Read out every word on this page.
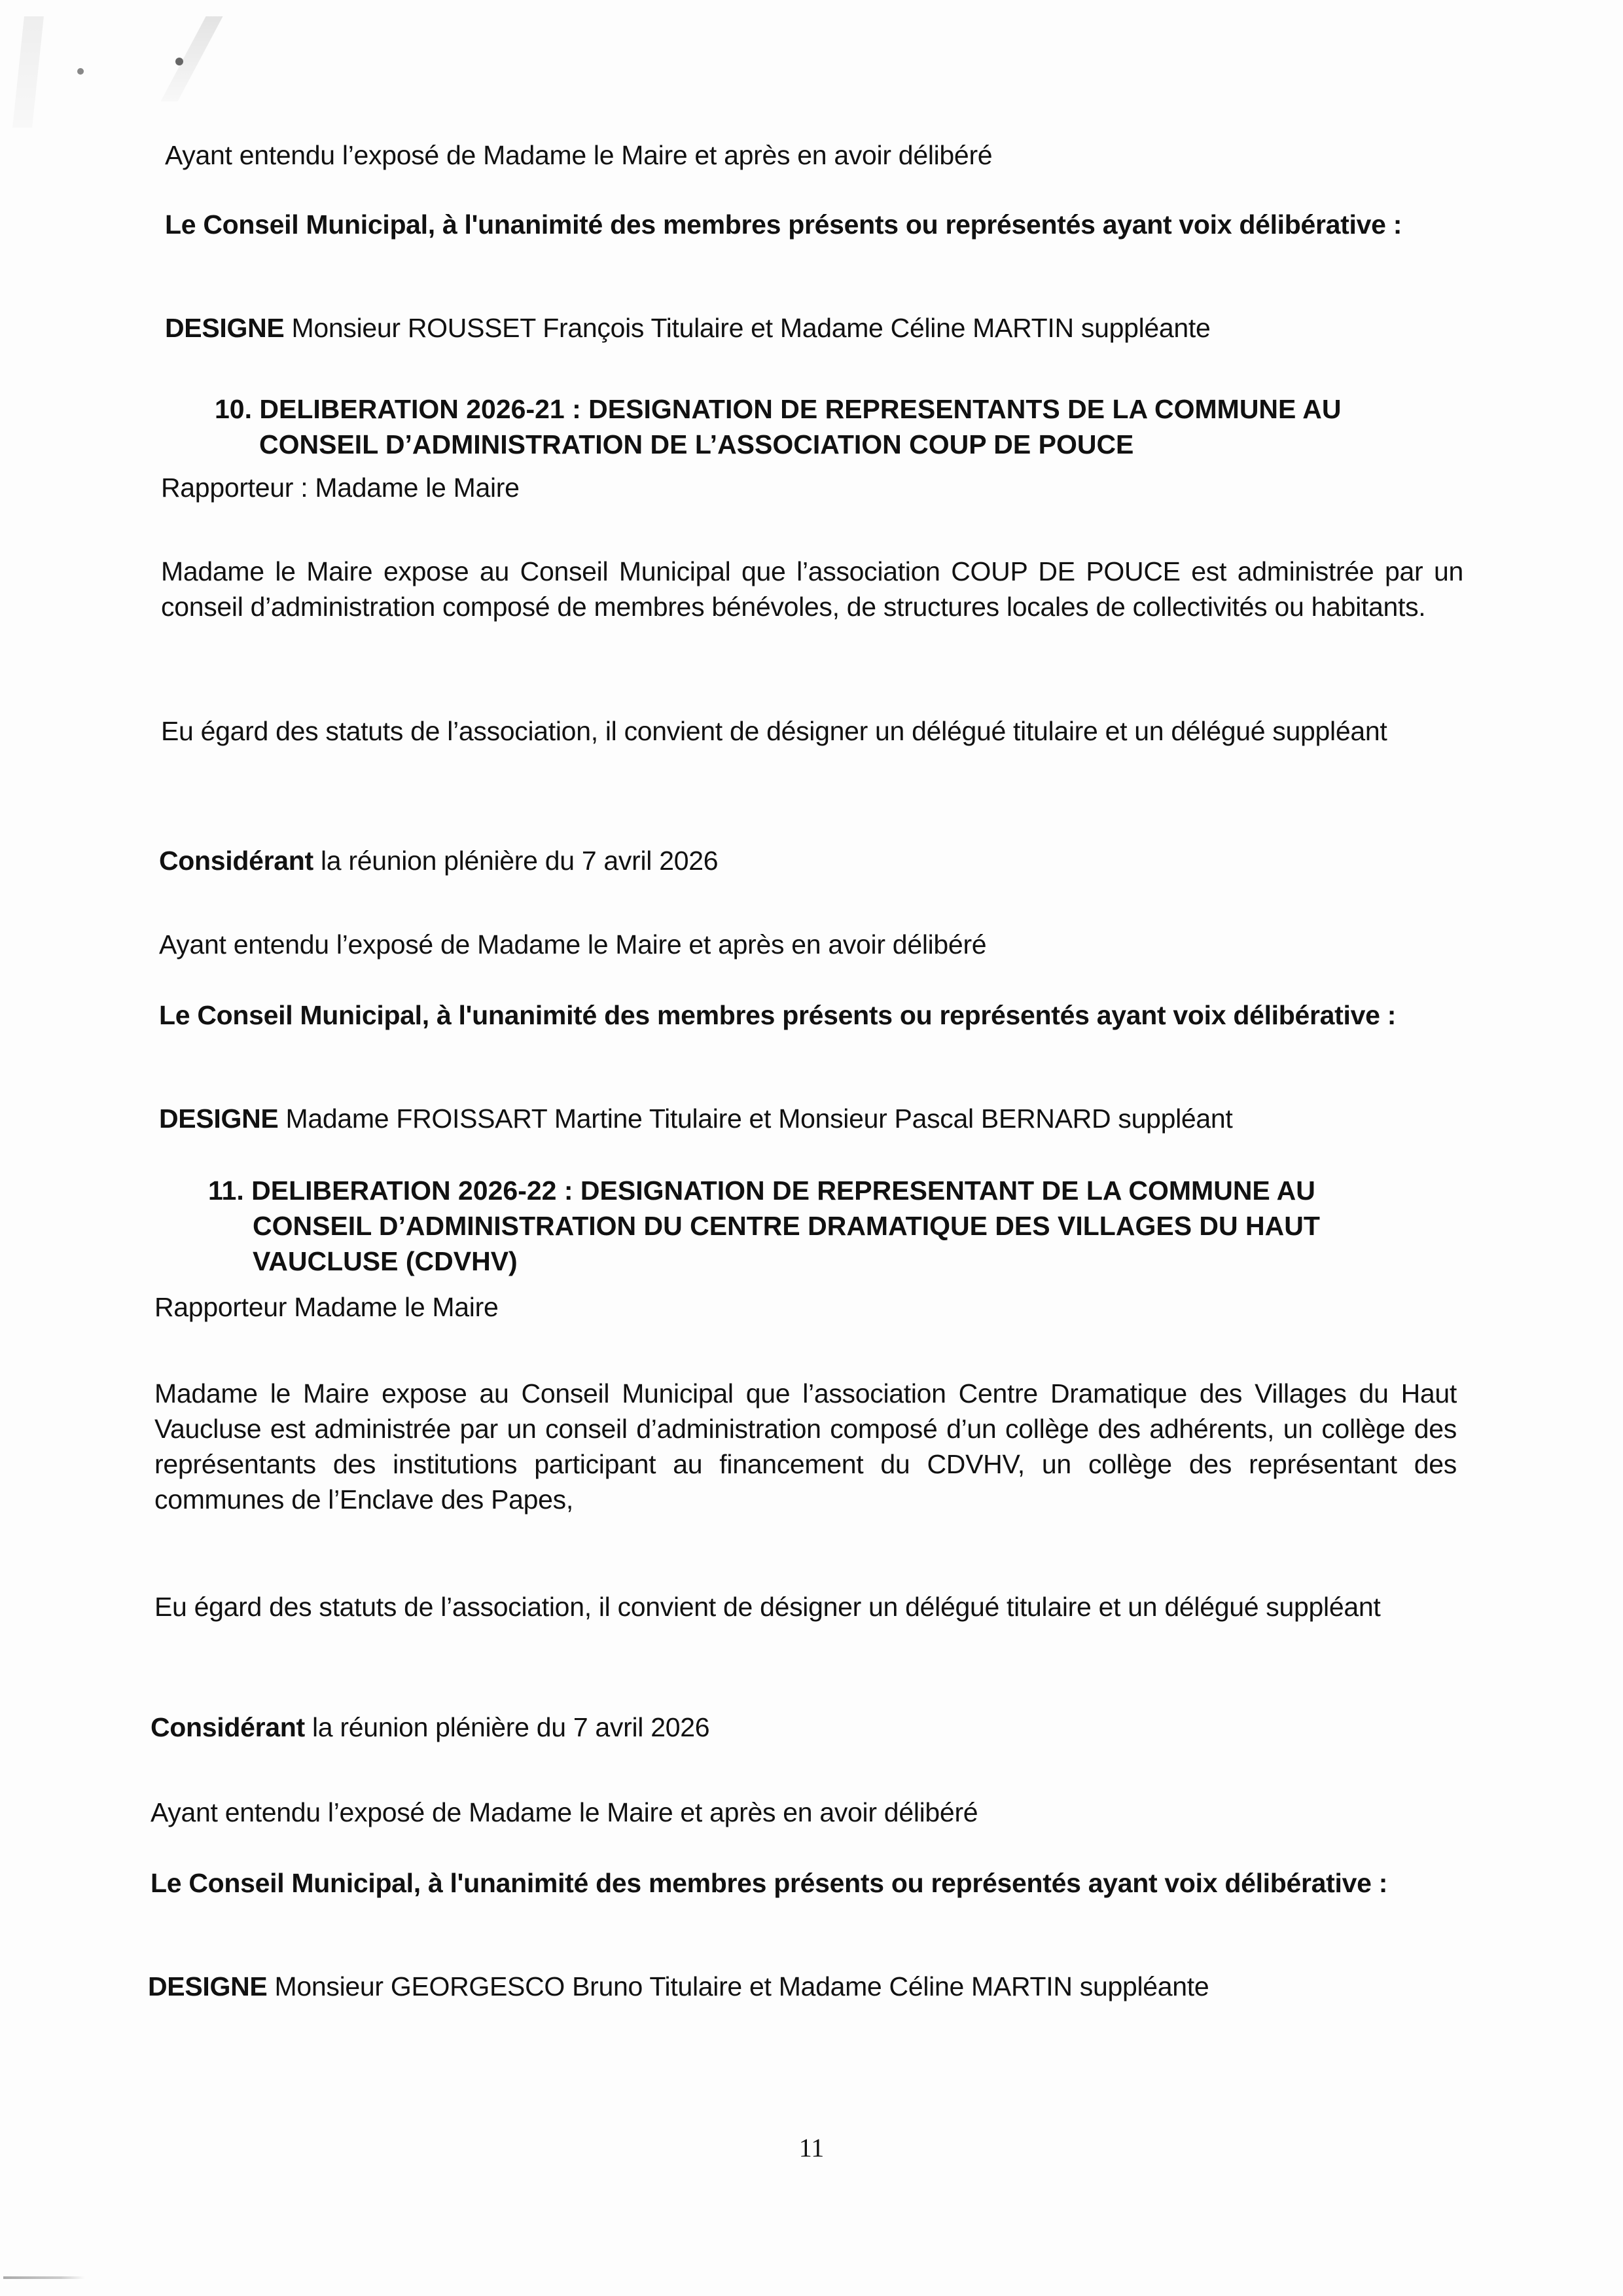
Ayant entendu l’exposé de Madame le Maire et après en avoir délibéré
Le Conseil Municipal, à l'unanimité des membres présents ou représentés ayant voix délibérative :
DESIGNE Monsieur ROUSSET François Titulaire et Madame Céline MARTIN suppléante
10. DELIBERATION 2026-21 : DESIGNATION DE REPRESENTANTS DE LA COMMUNE AU
CONSEIL D’ADMINISTRATION DE L’ASSOCIATION COUP DE POUCE
Rapporteur : Madame le Maire
Madame le Maire expose au Conseil Municipal que l’association COUP DE POUCE est administrée par un conseil d’administration composé de membres bénévoles, de structures locales de collectivités ou habitants.
Eu égard des statuts de l’association, il convient de désigner un délégué titulaire et un délégué suppléant
Considérant la réunion plénière du 7 avril 2026
Ayant entendu l’exposé de Madame le Maire et après en avoir délibéré
Le Conseil Municipal, à l'unanimité des membres présents ou représentés ayant voix délibérative :
DESIGNE Madame FROISSART Martine Titulaire et Monsieur Pascal BERNARD suppléant
11. DELIBERATION 2026-22 : DESIGNATION DE REPRESENTANT DE LA COMMUNE AU
CONSEIL D’ADMINISTRATION DU CENTRE DRAMATIQUE DES VILLAGES DU HAUT
VAUCLUSE (CDVHV)
Rapporteur Madame le Maire
Madame le Maire expose au Conseil Municipal que l’association Centre Dramatique des Villages du Haut Vaucluse est administrée par un conseil d’administration composé d’un collège des adhérents, un collège des représentants des institutions participant au financement du CDVHV, un collège des représentant des communes de l’Enclave des Papes,
Eu égard des statuts de l’association, il convient de désigner un délégué titulaire et un délégué suppléant
Considérant la réunion plénière du 7 avril 2026
Ayant entendu l’exposé de Madame le Maire et après en avoir délibéré
Le Conseil Municipal, à l'unanimité des membres présents ou représentés ayant voix délibérative :
DESIGNE Monsieur GEORGESCO Bruno Titulaire et Madame Céline MARTIN suppléante
11
